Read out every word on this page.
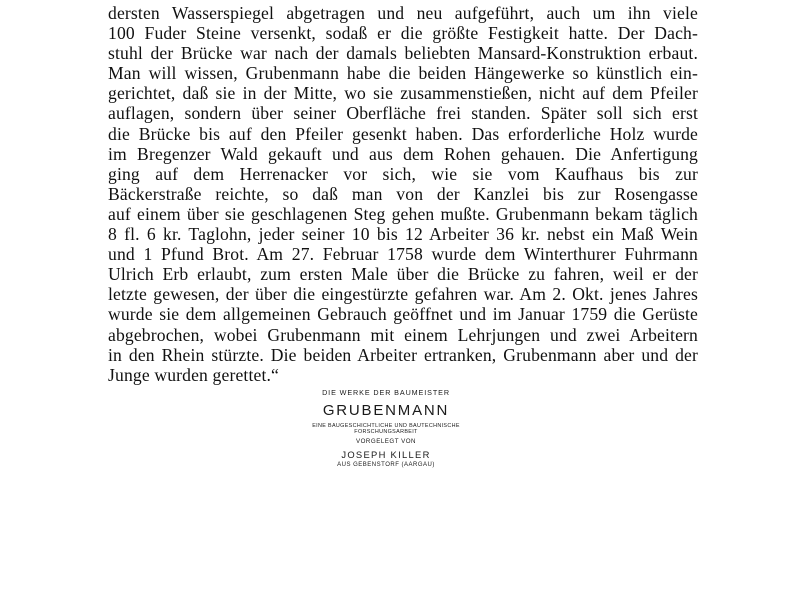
dersten Wasserspiegel abgetragen und neu aufgeführt, auch um ihn viele
100 Fuder Steine versenkt, sodaß er die größte Festigkeit hatte. Der Dach-
stuhl der Brücke war nach der damals beliebten Mansard-Konstruktion erbaut.
Man will wissen, Grubenmann habe die beiden Hängewerke so künstlich ein-
gerichtet, daß sie in der Mitte, wo sie zusammenstießen, nicht auf dem Pfeiler
auflagen, sondern über seiner Oberfläche frei standen. Später soll sich erst
die Brücke bis auf den Pfeiler gesenkt haben. Das erforderliche Holz wurde
im Bregenzer Wald gekauft und aus dem Rohen gehauen. Die Anfertigung
ging auf dem Herrenacker vor sich, wie sie vom Kaufhaus bis zur
Bäckerstraße reichte, so daß man von der Kanzlei bis zur Rosengasse
auf einem über sie geschlagenen Steg gehen mußte. Grubenmann bekam täglich
8 fl. 6 kr. Taglohn, jeder seiner 10 bis 12 Arbeiter 36 kr. nebst ein Maß Wein
und 1 Pfund Brot. Am 27. Februar 1758 wurde dem Winterthurer Fuhrmann
Ulrich Erb erlaubt, zum ersten Male über die Brücke zu fahren, weil er der
letzte gewesen, der über die eingestürzte gefahren war. Am 2. Okt. jenes Jahres
wurde sie dem allgemeinen Gebrauch geöffnet und im Januar 1759 die Gerüste
abgebrochen, wobei Grubenmann mit einem Lehrjungen und zwei Arbeitern
in den Rhein stürzte. Die beiden Arbeiter ertranken, Grubenmann aber und der
Junge wurden gerettet.“
DIE WERKE DER BAUMEISTER
GRUBENMANN
EINE BAUGESCHICHTLICHE UND BAUTECHNISCHE FORSCHUNGSARBEIT
VORGELEGT VON
JOSEPH KILLER
AUS GEBENSTORF (AARGAU)
